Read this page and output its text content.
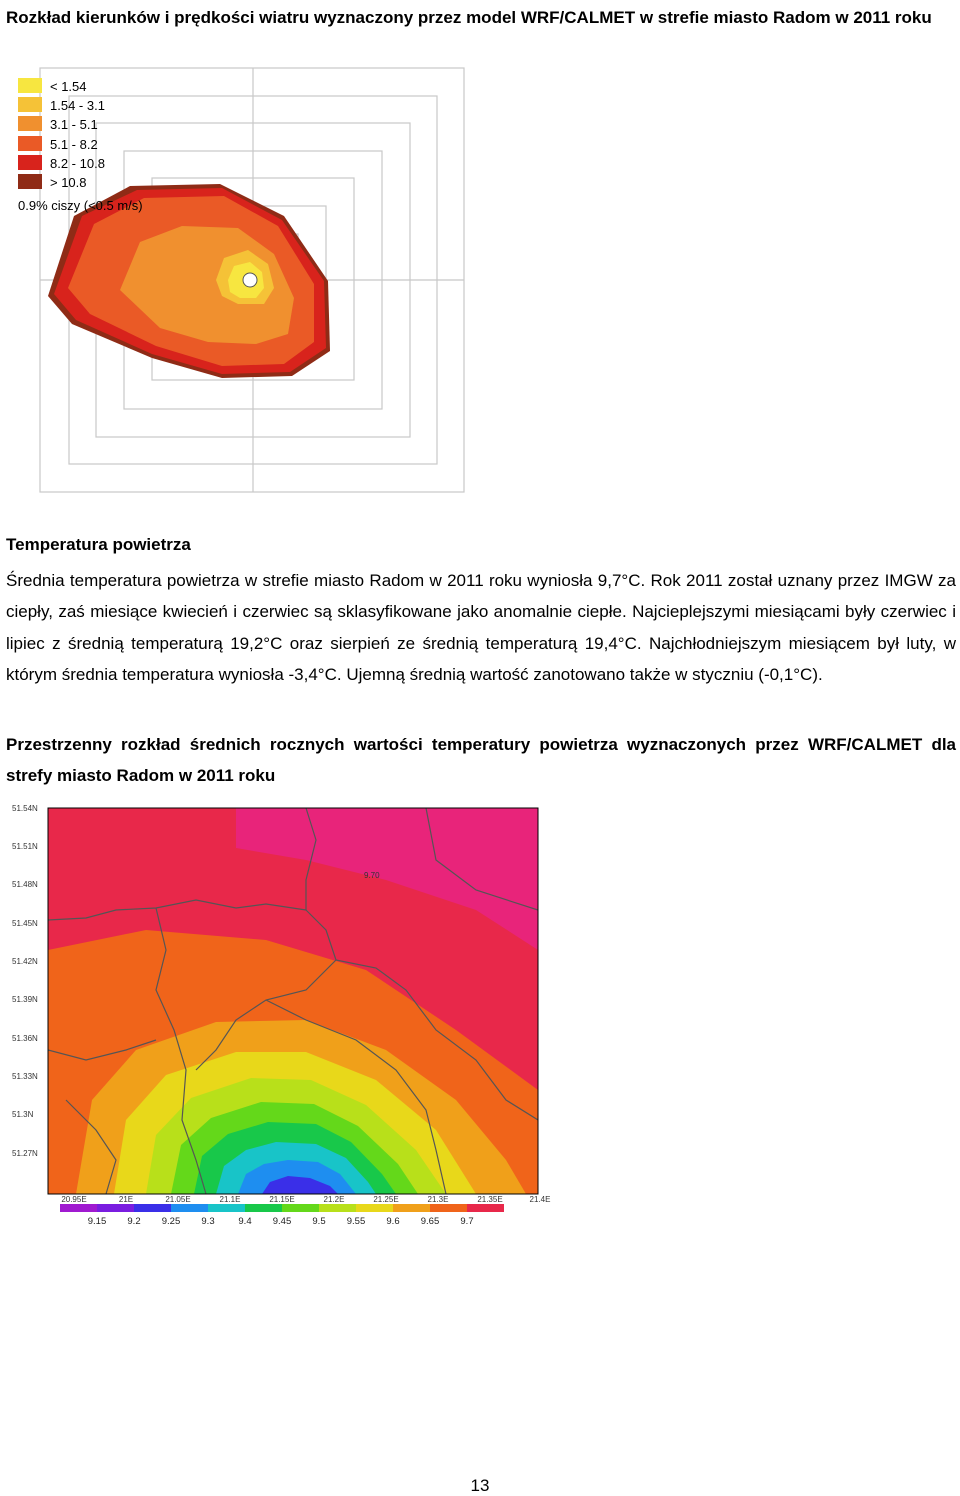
Rozkład kierunków i prędkości wiatru wyznaczony przez model WRF/CALMET w strefie miasto Radom w 2011 roku
< 1.54
1.54 - 3.1
3.1 - 5.1
5.1 - 8.2
8.2 - 10.8
> 10.8
0.9% ciszy (<0.5 m/s)
Temperatura powietrza
Średnia temperatura powietrza w strefie miasto Radom w 2011 roku wyniosła 9,7°C. Rok 2011 został uznany przez IMGW za ciepły, zaś miesiące kwiecień i czerwiec są sklasyfikowane jako anomalnie ciepłe. Najcieplejszymi miesiącami były czerwiec i lipiec z średnią temperaturą 19,2°C oraz sierpień ze średnią temperaturą 19,4°C. Najchłodniejszym miesiącem był luty, w którym średnia temperatura wyniosła -3,4°C. Ujemną średnią wartość zanotowano także w styczniu (-0,1°C).
Przestrzenny rozkład średnich rocznych wartości temperatury powietrza wyznaczonych przez WRF/CALMET dla strefy miasto Radom w 2011 roku
9.70
51.54N
51.51N
51.48N
51.45N
51.42N
51.39N
51.36N
51.33N
51.3N
51.27N
20.95E	21E	21.05E	21.1E	21.15E	21.2E	21.25E	21.3E	21.35E	21.4E
9.15 9.2 9.25 9.3	9.4 9.45 9.5 9.55 9.6 9.65 9.7
13
